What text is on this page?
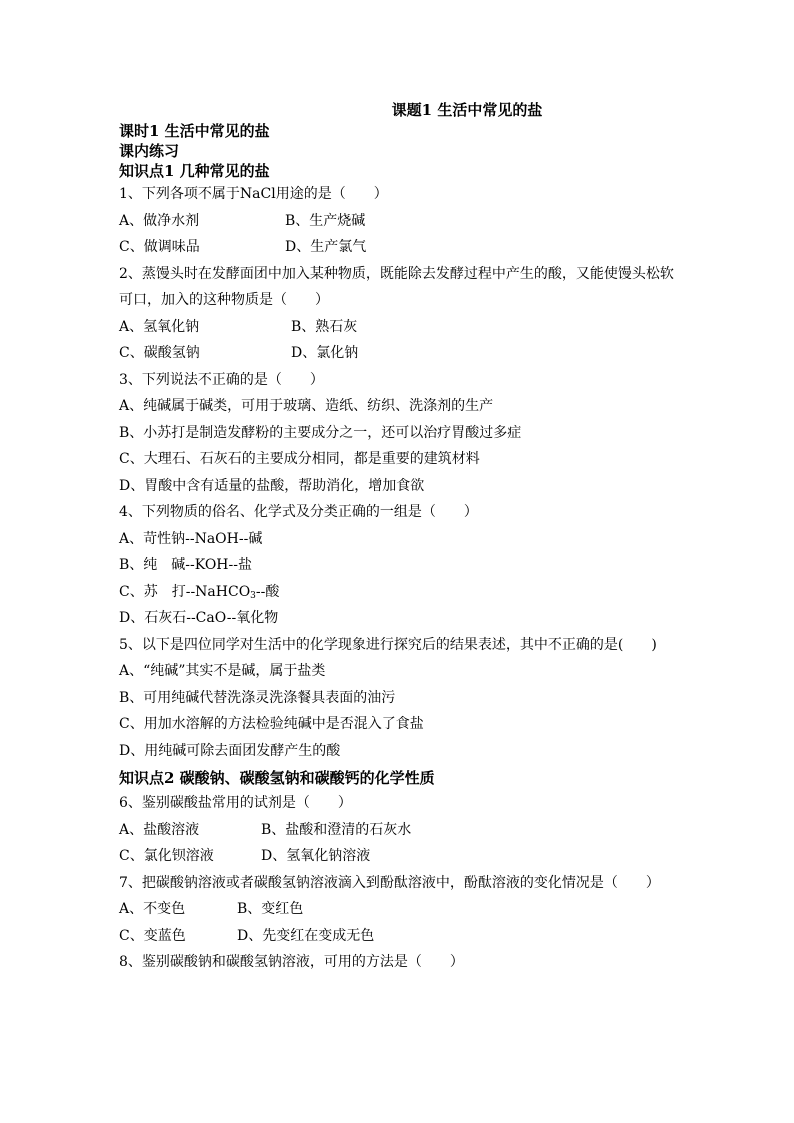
课题1 生活中常见的盐
课时1 生活中常见的盐
课内练习
知识点1 几种常见的盐
1、下列各项不属于NaCl用途的是（　　）
A、做净水剂	B、生产烧碱
C、做调味品	D、生产氯气
2、蒸馒头时在发酵面团中加入某种物质，既能除去发酵过程中产生的酸，又能使馒头松软可口，加入的这种物质是（　　）
A、氢氧化钠	B、熟石灰
C、碳酸氢钠	D、氯化钠
3、下列说法不正确的是（　　）
A、纯碱属于碱类，可用于玻璃、造纸、纺织、洗涤剂的生产
B、小苏打是制造发酵粉的主要成分之一，还可以治疗胃酸过多症
C、大理石、石灰石的主要成分相同，都是重要的建筑材料
D、胃酸中含有适量的盐酸，帮助消化，增加食欲
4、下列物质的俗名、化学式及分类正确的一组是（　　）
A、苛性钠--NaOH--碱
B、纯　碱--KOH--盐
C、苏　打--NaHCO$_3$--酸
D、石灰石--CaO--氧化物
5、以下是四位同学对生活中的化学现象进行探究后的结果表述，其中不正确的是(　　)
A、“纯碱”其实不是碱，属于盐类
B、可用纯碱代替洗涤灵洗涤餐具表面的油污
C、用加水溶解的方法检验纯碱中是否混入了食盐
D、用纯碱可除去面团发酵产生的酸
知识点2 碳酸钠、碳酸氢钠和碳酸钙的化学性质
6、鉴别碳酸盐常用的试剂是（　　）
A、盐酸溶液	B、盐酸和澄清的石灰水
C、氯化钡溶液	D、氢氧化钠溶液
7、把碳酸钠溶液或者碳酸氢钠溶液滴入到酚酞溶液中，酚酞溶液的变化情况是（　　）
A、不变色	B、变红色
C、变蓝色	D、先变红在变成无色
8、鉴别碳酸钠和碳酸氢钠溶液，可用的方法是（　　）
